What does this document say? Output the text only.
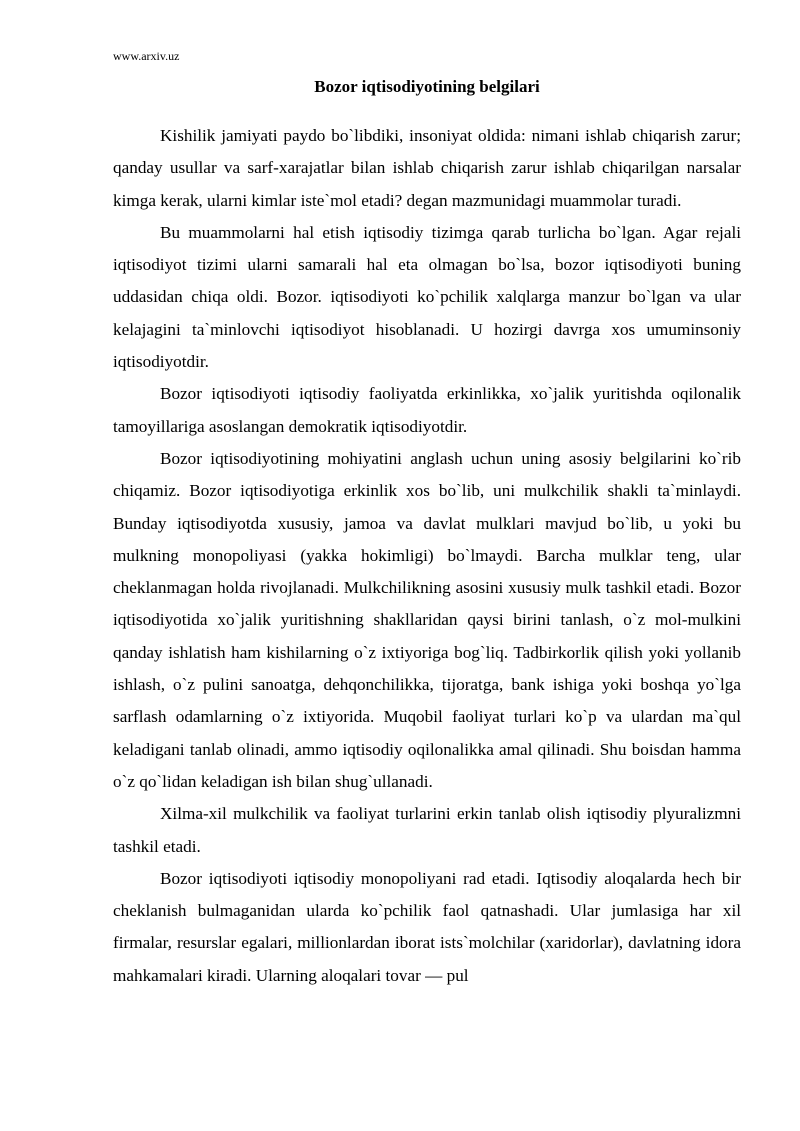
www.arxiv.uz
Bozor iqtisodiyotining belgilari

Kishilik jamiyati paydo bo`libdiki, insoniyat oldida: nimani ishlab chiqarish zarur; qanday usullar va sarf-xarajatlar bilan ishlab chiqarish zarur ishlab chiqarilgan narsalar kimga kerak, ularni kimlar iste`mol etadi? degan mazmunidagi muammolar turadi.

Bu muammolarni hal etish iqtisodiy tizimga qarab turlicha bo`lgan. Agar rejali iqtisodiyot tizimi ularni samarali hal eta olmagan bo`lsa, bozor iqtisodiyoti buning uddasidan chiqa oldi. Bozor. iqtisodiyoti ko`pchilik xalqlarga manzur bo`lgan va ular kelajagini ta`minlovchi iqtisodiyot hisoblanadi. U hozirgi davrga xos umuminsoniy iqtisodiyotdir.

Bozor iqtisodiyoti iqtisodiy faoliyatda erkinlikka, xo`jalik yuritishda oqilonalik tamoyillariga asoslangan demokratik iqtisodiyotdir.

Bozor iqtisodiyotining mohiyatini anglash uchun uning asosiy belgilarini ko`rib chiqamiz. Bozor iqtisodiyotiga erkinlik xos bo`lib, uni mulkchilik shakli ta`minlaydi. Bunday iqtisodiyotda xususiy, jamoa va davlat mulklari mavjud bo`lib, u yoki bu mulkning monopoliyasi (yakka hokimligi) bo`lmaydi. Barcha mulklar teng, ular cheklanmagan holda rivojlanadi. Mulkchilikning asosini xususiy mulk tashkil etadi. Bozor iqtisodiyotida xo`jalik yuritishning shakllaridan qaysi birini tanlash, o`z mol-mulkini qanday ishlatish ham kishilarning o`z ixtiyoriga bog`liq. Tadbirkorlik qilish yoki yollanib ishlash, o`z pulini sanoatga, dehqonchilikka, tijoratga, bank ishiga yoki boshqa yo`lga sarflash odamlarning o`z ixtiyorida. Muqobil faoliyat turlari ko`p va ulardan ma`qul keladigani tanlab olinadi, ammo iqtisodiy oqilonalikka amal qilinadi. Shu boisdan hamma o`z qo`lidan keladigan ish bilan shug`ullanadi.

Xilma-xil mulkchilik va faoliyat turlarini erkin tanlab olish iqtisodiy plyuralizmni tashkil etadi.

Bozor iqtisodiyoti iqtisodiy monopoliyani rad etadi. Iqtisodiy aloqalarda hech bir cheklanish bulmaganidan ularda ko`pchilik faol qatnashadi. Ular jumlasiga har xil firmalar, resurslar egalari, millionlardan iborat ists`molchilar (xaridorlar), davlatning idora mahkamalari kiradi. Ularning aloqalari tovar — pul
